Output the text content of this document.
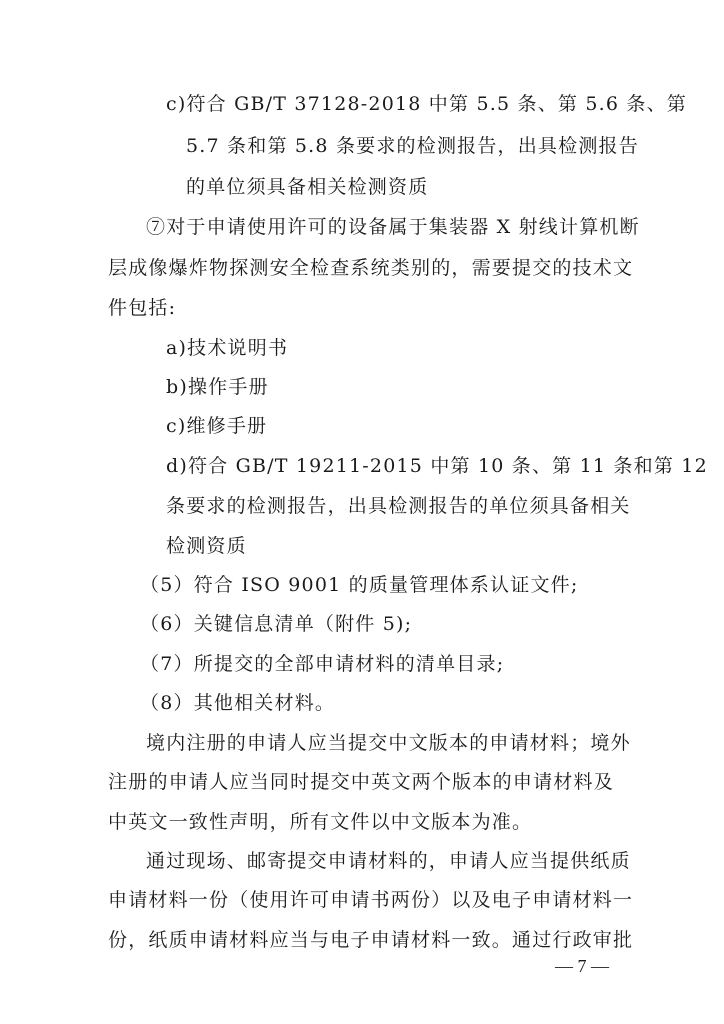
c)符合 GB/T 37128-2018 中第 5.5 条、第 5.6 条、第
5.7 条和第 5.8 条要求的检测报告，出具检测报告
的单位须具备相关检测资质
⑦对于申请使用许可的设备属于集装器 X 射线计算机断
层成像爆炸物探测安全检查系统类别的，需要提交的技术文
件包括:
a)技术说明书
b)操作手册
c)维修手册
d)符合 GB/T 19211-2015 中第 10 条、第 11 条和第 12
条要求的检测报告，出具检测报告的单位须具备相关
检测资质
（5）符合 ISO 9001 的质量管理体系认证文件;
（6）关键信息清单（附件 5);
（7）所提交的全部申请材料的清单目录;
（8）其他相关材料。
境内注册的申请人应当提交中文版本的申请材料；境外
注册的申请人应当同时提交中英文两个版本的申请材料及
中英文一致性声明，所有文件以中文版本为准。
通过现场、邮寄提交申请材料的，申请人应当提供纸质
申请材料一份（使用许可申请书两份）以及电子申请材料一
份，纸质申请材料应当与电子申请材料一致。通过行政审批
— 7 —
